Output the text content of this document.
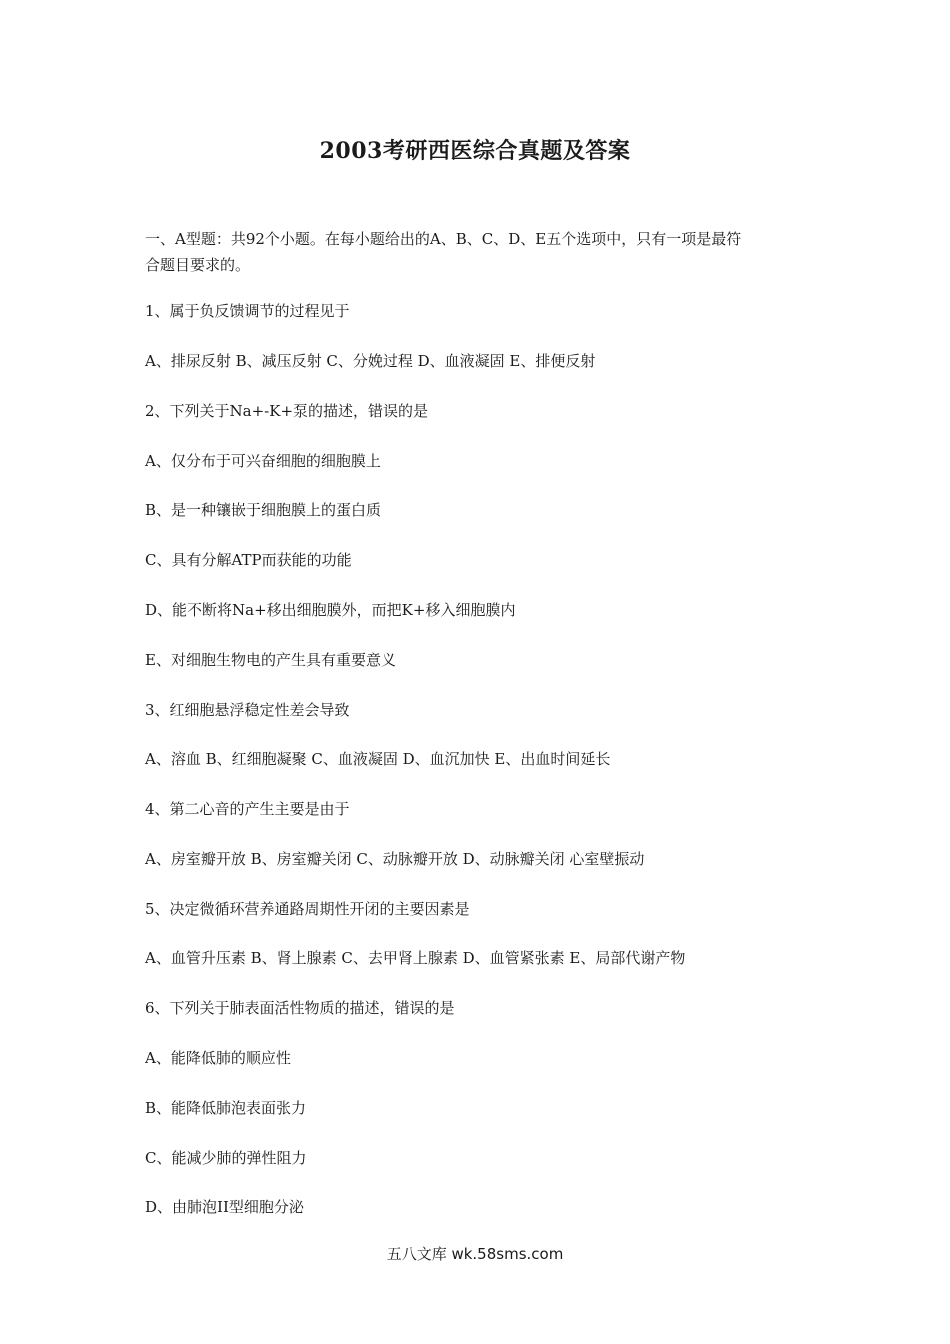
2003考研西医综合真题及答案
一、A型题：共92个小题。在每小题给出的A、B、C、D、E五个选项中，只有一项是最符
合题目要求的。
1、属于负反馈调节的过程见于
A、排尿反射 B、减压反射 C、分娩过程 D、血液凝固 E、排便反射
2、下列关于Na+-K+泵的描述，错误的是
A、仅分布于可兴奋细胞的细胞膜上
B、是一种镶嵌于细胞膜上的蛋白质
C、具有分解ATP而获能的功能
D、能不断将Na+移出细胞膜外，而把K+移入细胞膜内
E、对细胞生物电的产生具有重要意义
3、红细胞悬浮稳定性差会导致
A、溶血 B、红细胞凝聚 C、血液凝固 D、血沉加快 E、出血时间延长
4、第二心音的产生主要是由于
A、房室瓣开放 B、房室瓣关闭 C、动脉瓣开放 D、动脉瓣关闭 心室壁振动
5、决定微循环营养通路周期性开闭的主要因素是
A、血管升压素 B、肾上腺素 C、去甲肾上腺素 D、血管紧张素 E、局部代谢产物
6、下列关于肺表面活性物质的描述，错误的是
A、能降低肺的顺应性
B、能降低肺泡表面张力
C、能减少肺的弹性阻力
D、由肺泡II型细胞分泌
五八文库 wk.58sms.com
